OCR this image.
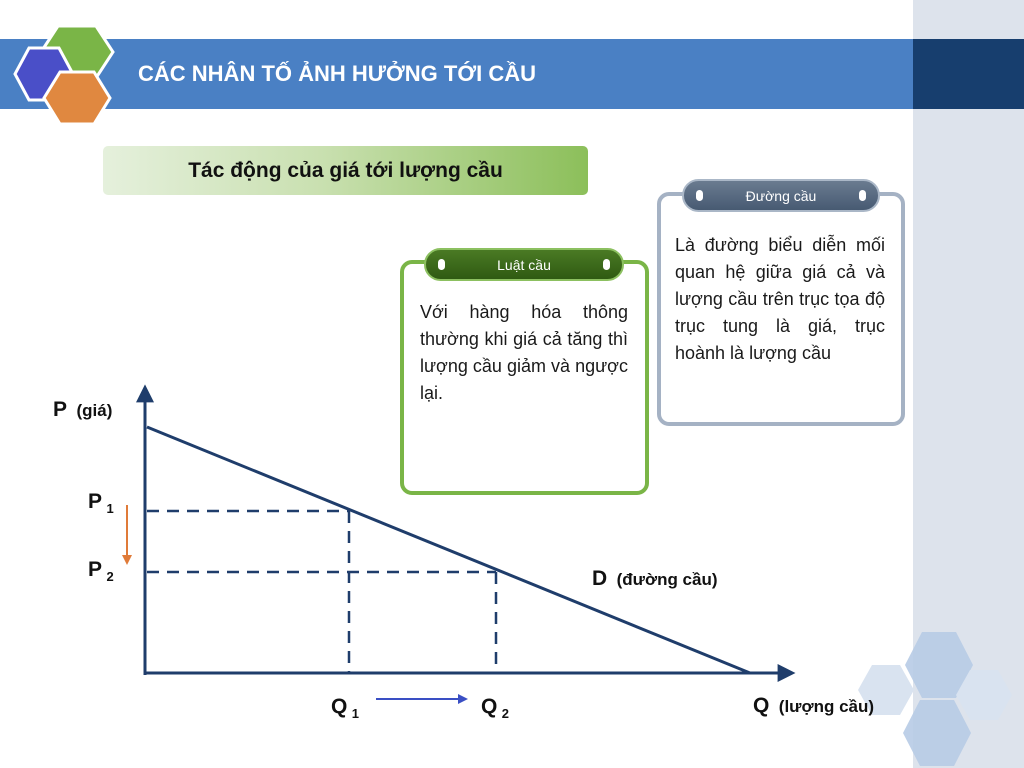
CÁC NHÂN TỐ ẢNH HƯỞNG TỚI CẦU
Tác động của giá tới lượng cầu
Luật cầu
Với hàng hóa thông thường khi giá cả tăng thì lượng cầu giảm và ngược lại.
Đường cầu
Là đường biểu diễn mối quan hệ giữa giá cả và lượng cầu trên trục tọa độ trục tung là giá, trục hoành là lượng cầu
P (giá)
P $_1$
P $_2$
Q $_1$	Q $_2$
D (đường cầu)
Q (lượng cầu)
